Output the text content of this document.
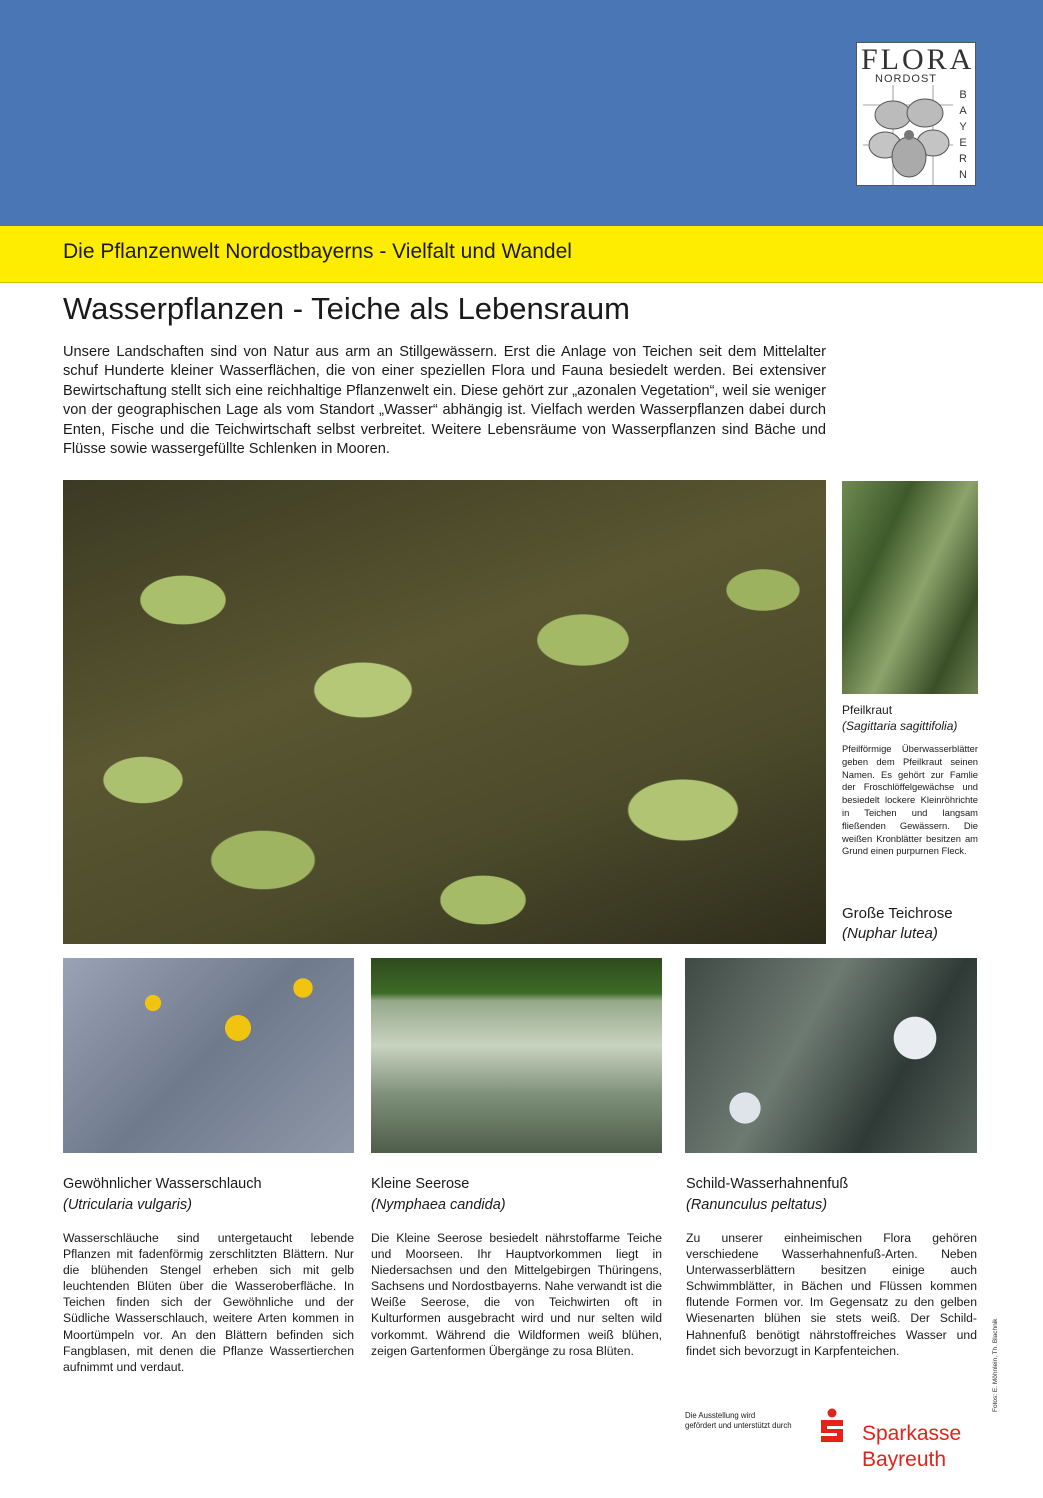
FLORA
NORDOST
B
A
Y
E
R
N
Die Pflanzenwelt Nordostbayerns - Vielfalt und Wandel
Wasserpflanzen - Teiche als Lebensraum

Unsere Landschaften sind von Natur aus arm an Stillgewässern. Erst die Anlage von Teichen seit dem Mittelalter schuf Hunderte kleiner Wasserflächen, die von einer speziellen Flora und Fauna besiedelt werden. Bei extensiver Bewirtschaftung stellt sich eine reichhaltige Pflanzenwelt ein. Diese gehört zur „azonalen Vegetation“, weil sie weniger von der geographischen Lage als vom Standort „Wasser“ abhängig ist. Vielfach werden Wasserpflanzen dabei durch Enten, Fische und die Teichwirtschaft selbst verbreitet. Weitere Lebensräume von Wasserpflanzen sind Bäche und Flüsse sowie wassergefüllte Schlenken in Mooren.

Pfeilkraut
(Sagittaria sagittifolia)

Pfeilförmige Überwasserblätter geben dem Pfeilkraut seinen Namen. Es gehört zur Famlie der Froschlöffelgewächse und besiedelt lockere Kleinröhrichte in Teichen und langsam fließenden Gewässern. Die weißen Kronblätter besitzen am Grund einen purpurnen Fleck.

Große Teichrose
(Nuphar lutea)
Gewöhnlicher Wasserschlauch
(Utricularia vulgaris)

Wasserschläuche sind untergetaucht lebende Pflanzen mit fadenförmig zerschlitzten Blättern. Nur die blühenden Stengel erheben sich mit gelb leuchtenden Blüten über die Wasseroberfläche. In Teichen finden sich der Gewöhnliche und der Südliche Wasserschlauch, weitere Arten kommen in Moortümpeln vor. An den Blättern befinden sich Fangblasen, mit denen die Pflanze Wassertierchen aufnimmt und verdaut.

Kleine Seerose
(Nymphaea candida)

Die Kleine Seerose besiedelt nährstoffarme Teiche und Moorseen. Ihr Hauptvorkommen liegt in Niedersachsen und den Mittelgebirgen Thüringens, Sachsens und Nordostbayerns. Nahe verwandt ist die Weiße Seerose, die von Teichwirten oft in Kulturformen ausgebracht wird und nur selten wild vorkommt. Während die Wildformen weiß blühen, zeigen Gartenformen Übergänge zu rosa Blüten.

Schild-Wasserhahnenfuß
(Ranunculus peltatus)

Zu unserer einheimischen Flora gehören verschiedene Wasserhahnenfuß-Arten. Neben Unterwasserblättern besitzen einige auch Schwimmblätter, in Bächen und Flüssen kommen flutende Formen vor. Im Gegensatz zu den gelben Wiesenarten blühen sie stets weiß. Der Schild-Hahnenfuß benötigt nährstoffreiches Wasser und findet sich bevorzugt in Karpfenteichen.

Die Ausstellung wird
gefördert und unterstützt durch	Sparkasse
Bayreuth
Fotos: E. Möhnlein, Th. Blachnik
